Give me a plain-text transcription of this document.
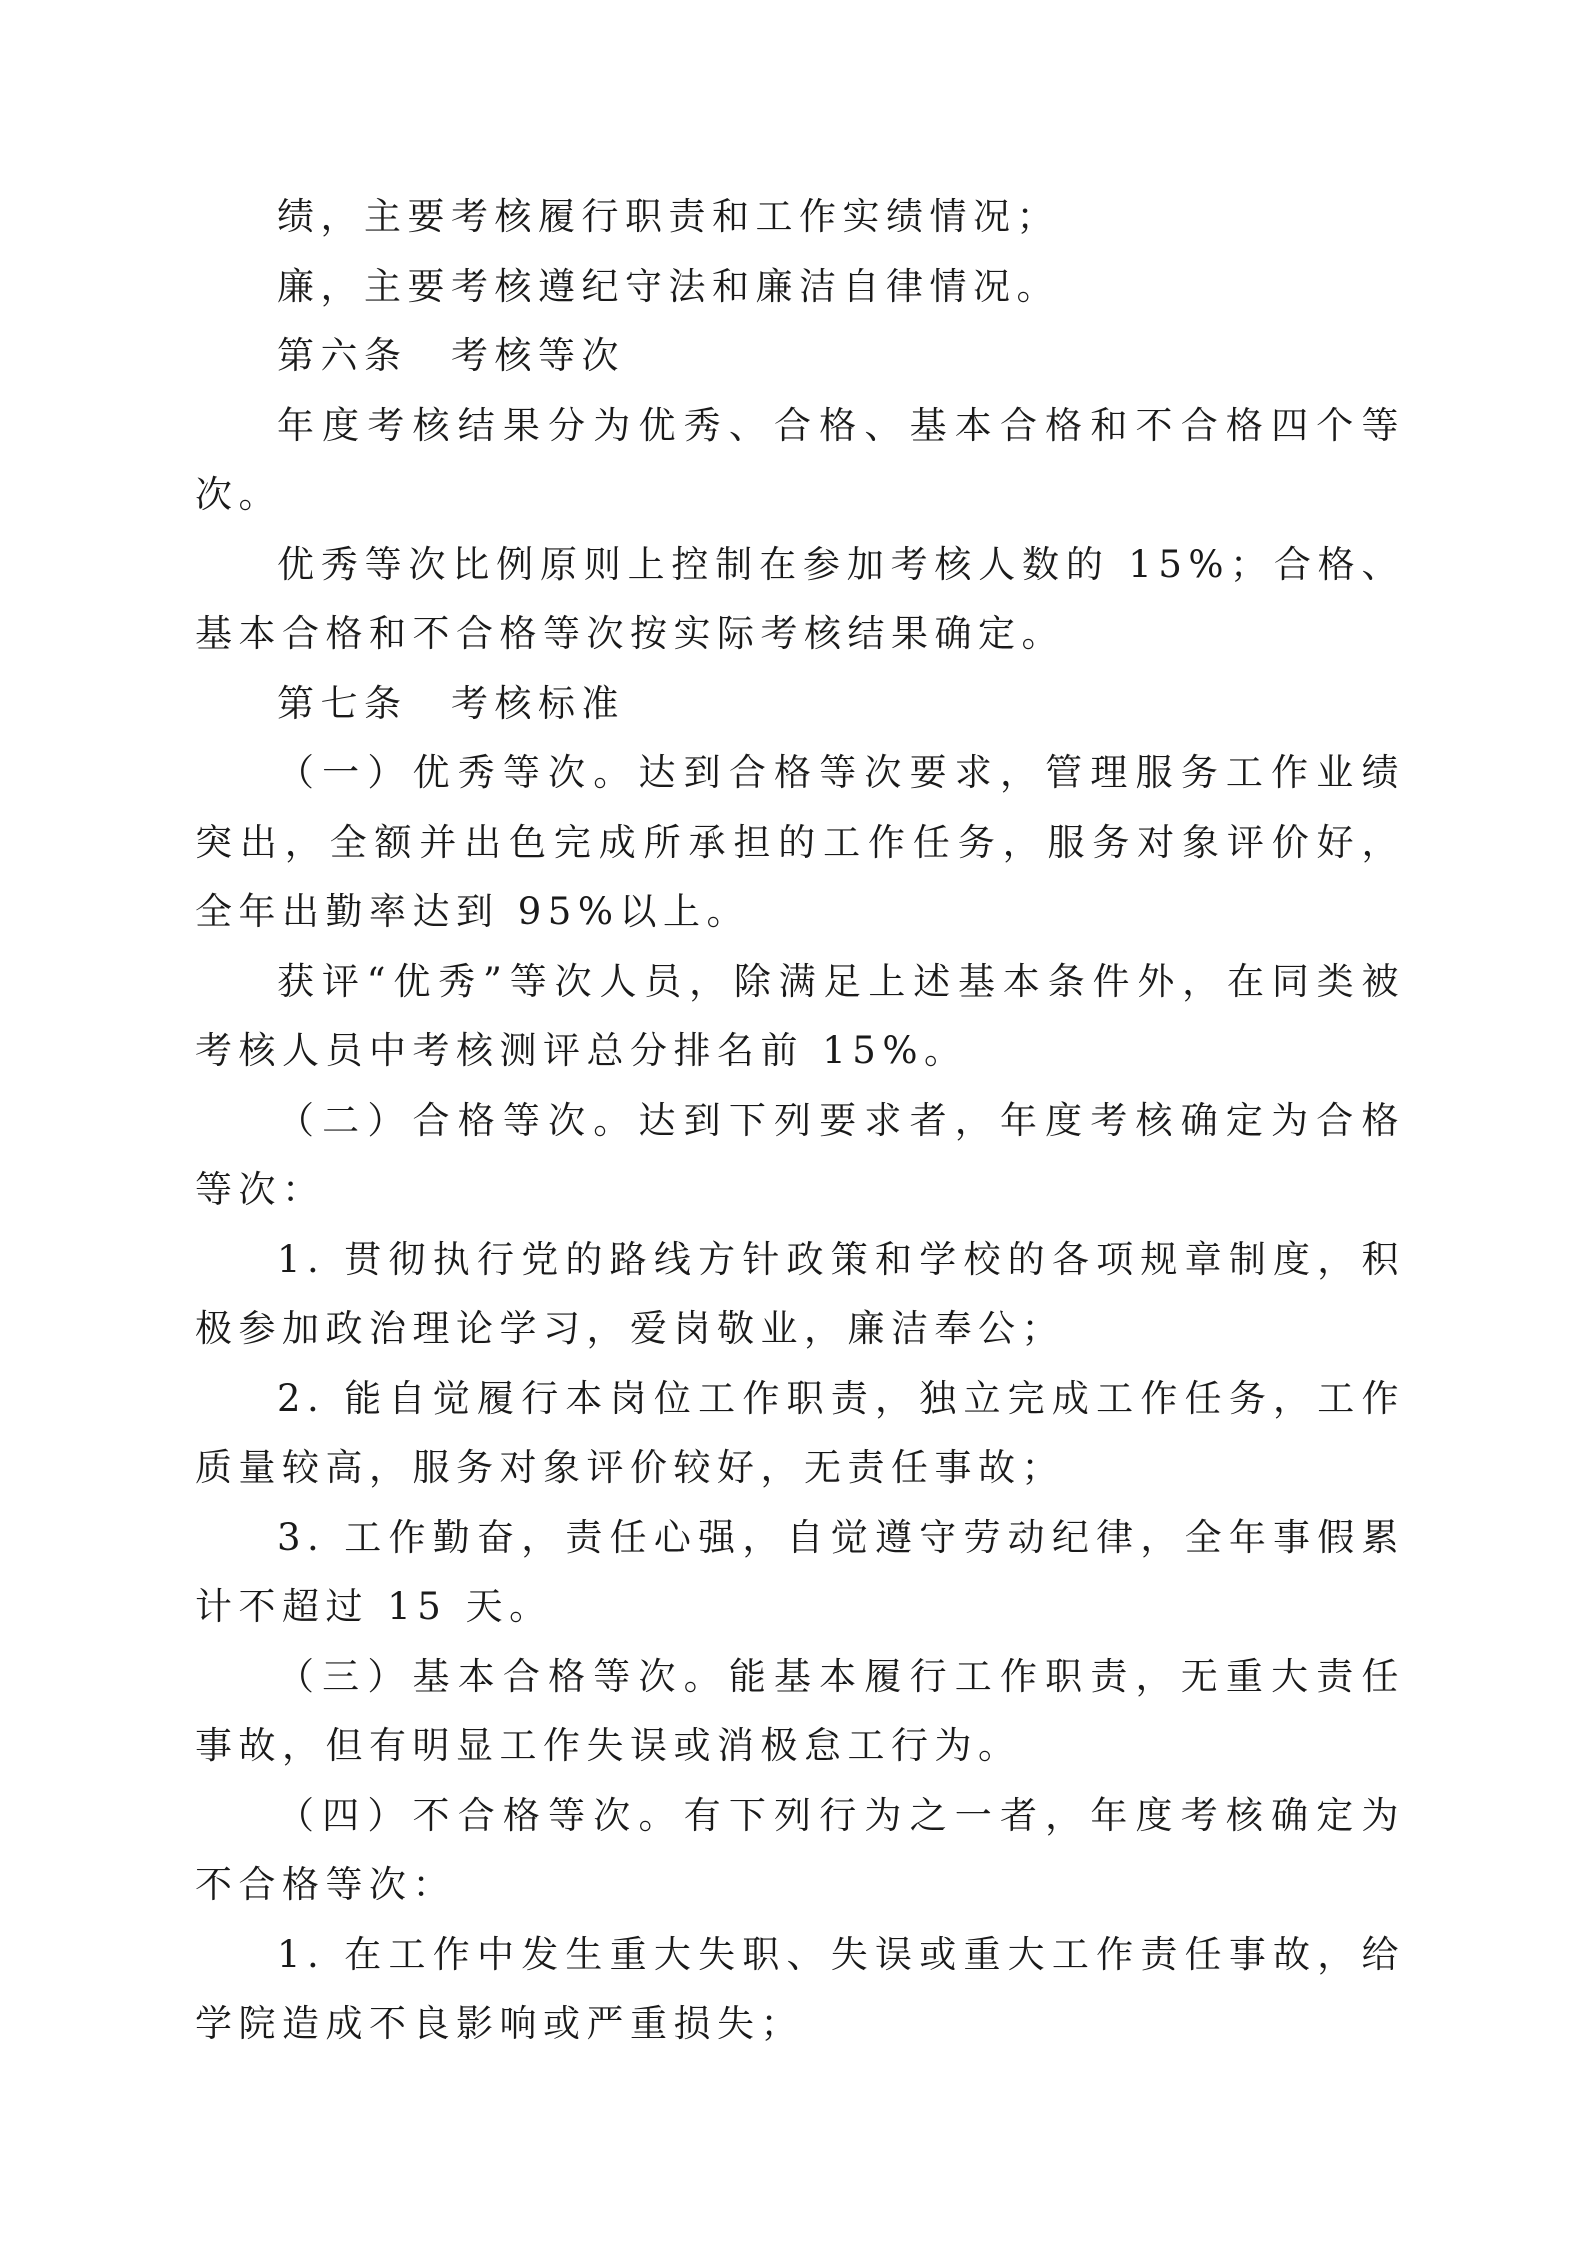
绩，主要考核履行职责和工作实绩情况；

廉，主要考核遵纪守法和廉洁自律情况。

第六条　考核等次

年度考核结果分为优秀、合格、基本合格和不合格四个等次。

优秀等次比例原则上控制在参加考核人数的 15%；合格、基本合格和不合格等次按实际考核结果确定。

第七条　考核标准

（一）优秀等次。达到合格等次要求，管理服务工作业绩突出，全额并出色完成所承担的工作任务，服务对象评价好，全年出勤率达到 95%以上。

获评“优秀”等次人员，除满足上述基本条件外，在同类被考核人员中考核测评总分排名前 15%。

（二）合格等次。达到下列要求者，年度考核确定为合格等次：

1. 贯彻执行党的路线方针政策和学校的各项规章制度，积极参加政治理论学习，爱岗敬业，廉洁奉公；

2. 能自觉履行本岗位工作职责，独立完成工作任务，工作质量较高，服务对象评价较好，无责任事故；

3. 工作勤奋，责任心强，自觉遵守劳动纪律，全年事假累计不超过 15 天。

（三）基本合格等次。能基本履行工作职责，无重大责任事故，但有明显工作失误或消极怠工行为。

（四）不合格等次。有下列行为之一者，年度考核确定为不合格等次：

1. 在工作中发生重大失职、失误或重大工作责任事故，给学院造成不良影响或严重损失；
